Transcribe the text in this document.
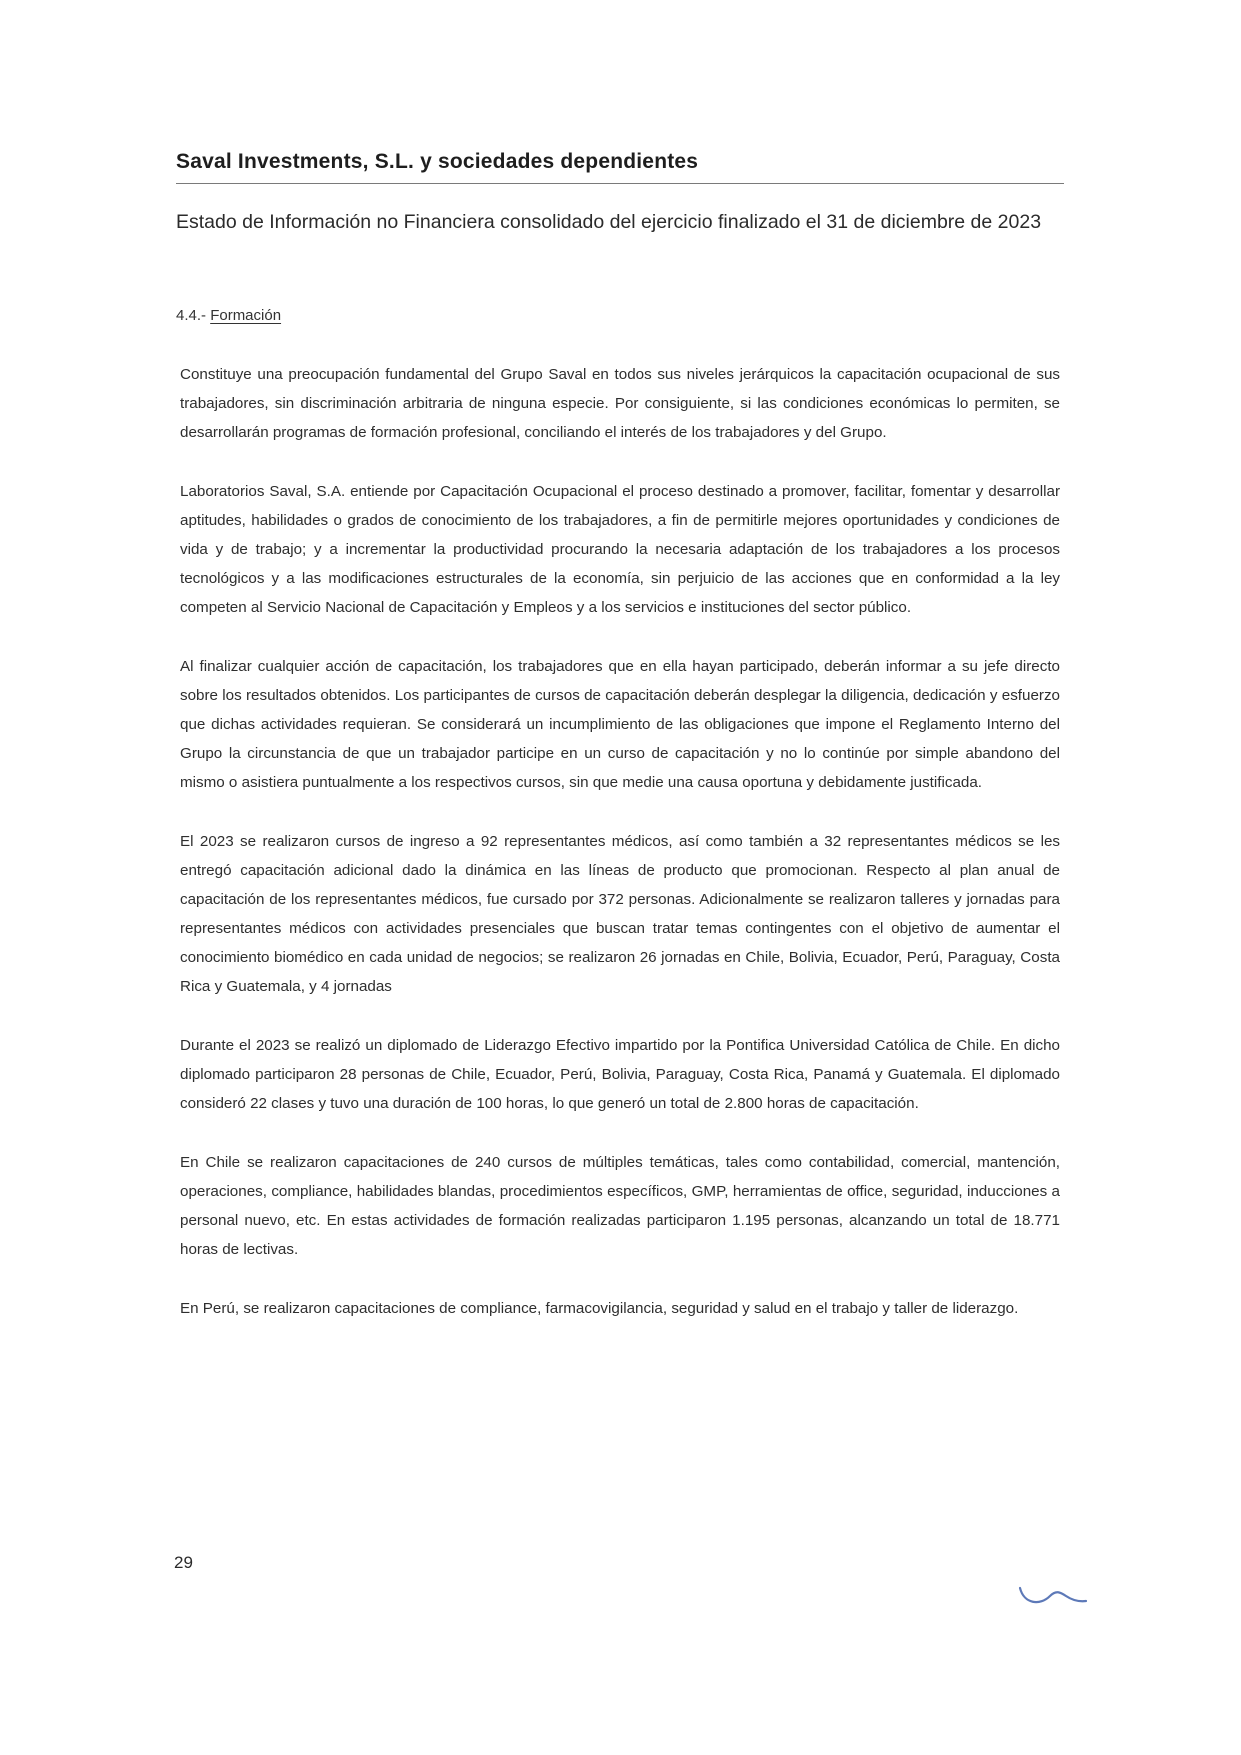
Saval Investments, S.L. y sociedades dependientes
Estado de Información no Financiera consolidado del ejercicio finalizado el 31 de diciembre de 2023
4.4.- Formación

Constituye una preocupación fundamental del Grupo Saval en todos sus niveles jerárquicos la capacitación ocupacional de sus trabajadores, sin discriminación arbitraria de ninguna especie. Por consiguiente, si las condiciones económicas lo permiten, se desarrollarán programas de formación profesional, conciliando el interés de los trabajadores y del Grupo.

Laboratorios Saval, S.A. entiende por Capacitación Ocupacional el proceso destinado a promover, facilitar, fomentar y desarrollar aptitudes, habilidades o grados de conocimiento de los trabajadores, a fin de permitirle mejores oportunidades y condiciones de vida y de trabajo; y a incrementar la productividad procurando la necesaria adaptación de los trabajadores a los procesos tecnológicos y a las modificaciones estructurales de la economía, sin perjuicio de las acciones que en conformidad a la ley competen al Servicio Nacional de Capacitación y Empleos y a los servicios e instituciones del sector público.

Al finalizar cualquier acción de capacitación, los trabajadores que en ella hayan participado, deberán informar a su jefe directo sobre los resultados obtenidos. Los participantes de cursos de capacitación deberán desplegar la diligencia, dedicación y esfuerzo que dichas actividades requieran. Se considerará un incumplimiento de las obligaciones que impone el Reglamento Interno del Grupo la circunstancia de que un trabajador participe en un curso de capacitación y no lo continúe por simple abandono del mismo o asistiera puntualmente a los respectivos cursos, sin que medie una causa oportuna y debidamente justificada.

El 2023 se realizaron cursos de ingreso a 92 representantes médicos, así como también a 32 representantes médicos se les entregó capacitación adicional dado la dinámica en las líneas de producto que promocionan. Respecto al plan anual de capacitación de los representantes médicos, fue cursado por 372 personas. Adicionalmente se realizaron talleres y jornadas para representantes médicos con actividades presenciales que buscan tratar temas contingentes con el objetivo de aumentar el conocimiento biomédico en cada unidad de negocios; se realizaron 26 jornadas en Chile, Bolivia, Ecuador, Perú, Paraguay, Costa Rica y Guatemala, y 4 jornadas

Durante el 2023 se realizó un diplomado de Liderazgo Efectivo impartido por la Pontifica Universidad Católica de Chile. En dicho diplomado participaron 28 personas de Chile, Ecuador, Perú, Bolivia, Paraguay, Costa Rica, Panamá y Guatemala. El diplomado consideró 22 clases y tuvo una duración de 100 horas, lo que generó un total de 2.800 horas de capacitación.

En Chile se realizaron capacitaciones de 240 cursos de múltiples temáticas, tales como contabilidad, comercial, mantención, operaciones, compliance, habilidades blandas, procedimientos específicos, GMP, herramientas de office, seguridad, inducciones a personal nuevo, etc. En estas actividades de formación realizadas participaron 1.195 personas, alcanzando un total de 18.771 horas de lectivas.

En Perú, se realizaron capacitaciones de compliance, farmacovigilancia, seguridad y salud en el trabajo y taller de liderazgo.

29
